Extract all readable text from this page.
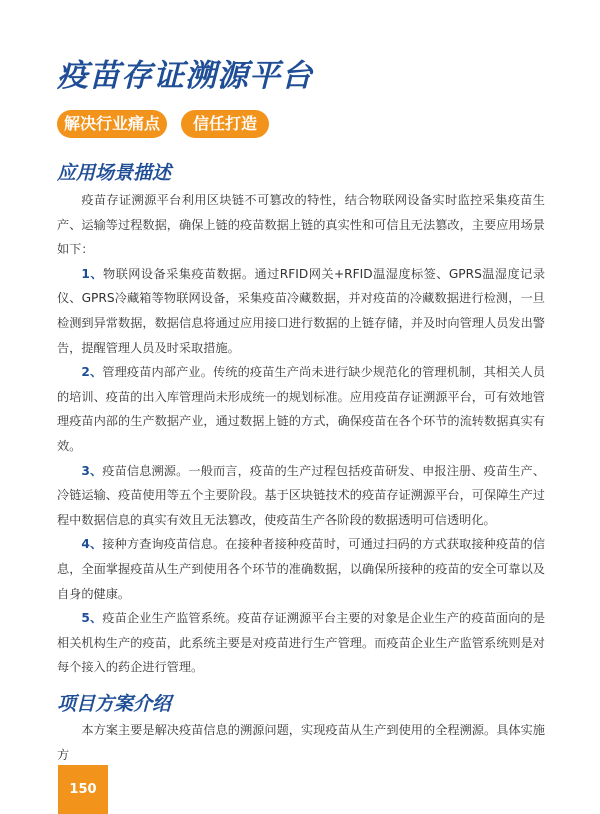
疫苗存证溯源平台
解决行业痛点	信任打造
应用场景描述

疫苗存证溯源平台利用区块链不可篡改的特性，结合物联网设备实时监控采集疫苗生产、运输等过程数据，确保上链的疫苗数据上链的真实性和可信且无法篡改，主要应用场景如下：

1、物联网设备采集疫苗数据。通过RFID网关+RFID温湿度标签、GPRS温湿度记录仪、GPRS冷藏箱等物联网设备，采集疫苗冷藏数据，并对疫苗的冷藏数据进行检测，一旦检测到异常数据，数据信息将通过应用接口进行数据的上链存储，并及时向管理人员发出警告，提醒管理人员及时采取措施。

2、管理疫苗内部产业。传统的疫苗生产尚未进行缺少规范化的管理机制，其相关人员的培训、疫苗的出入库管理尚未形成统一的规划标准。应用疫苗存证溯源平台，可有效地管理疫苗内部的生产数据产业，通过数据上链的方式，确保疫苗在各个环节的流转数据真实有效。

3、疫苗信息溯源。一般而言，疫苗的生产过程包括疫苗研发、申报注册、疫苗生产、冷链运输、疫苗使用等五个主要阶段。基于区块链技术的疫苗存证溯源平台，可保障生产过程中数据信息的真实有效且无法篡改，使疫苗生产各阶段的数据透明可信透明化。

4、接种方查询疫苗信息。在接种者接种疫苗时，可通过扫码的方式获取接种疫苗的信息，全面掌握疫苗从生产到使用各个环节的准确数据，以确保所接种的疫苗的安全可靠以及自身的健康。

5、疫苗企业生产监管系统。疫苗存证溯源平台主要的对象是企业生产的疫苗面向的是相关机构生产的疫苗，此系统主要是对疫苗进行生产管理。而疫苗企业生产监管系统则是对每个接入的药企进行管理。

项目方案介绍

本方案主要是解决疫苗信息的溯源问题，实现疫苗从生产到使用的全程溯源。具体实施方

150
